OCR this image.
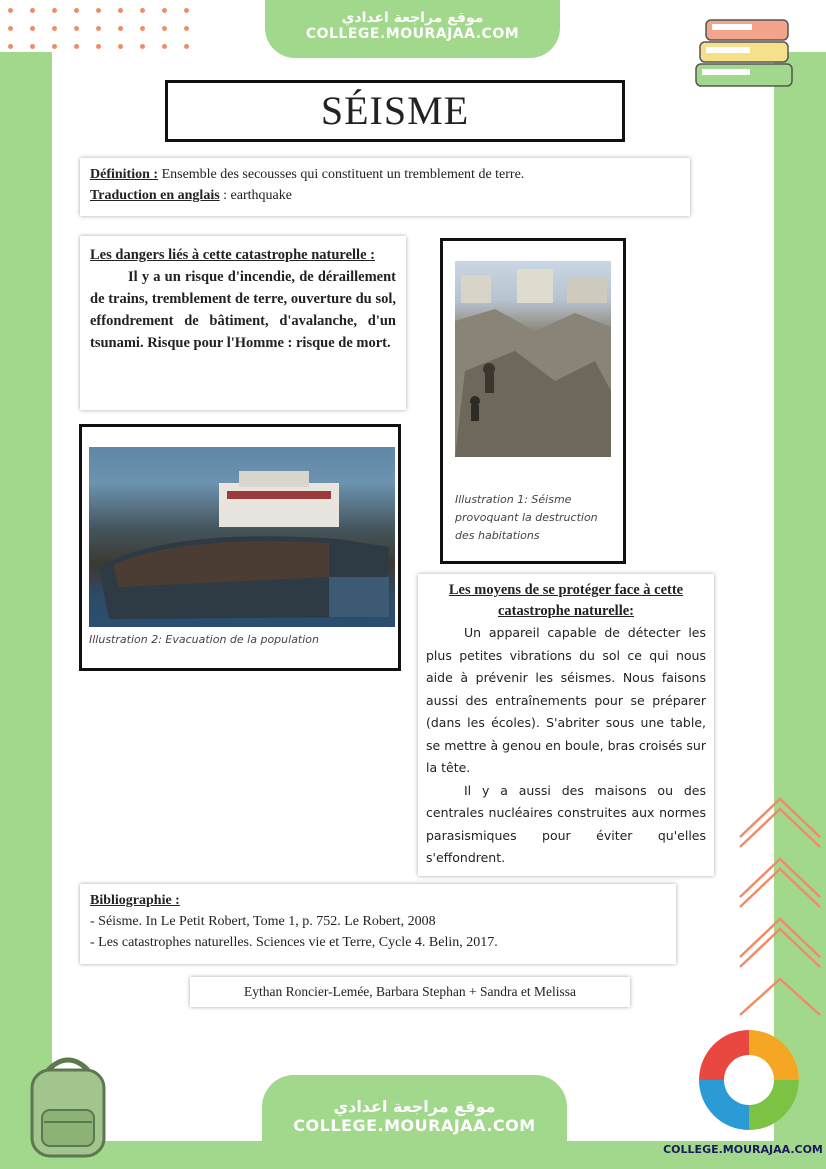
موقع مراجعة اعدادي
COLLEGE.MOURAJAA.COM
SÉISME
Définition : Ensemble des secousses qui constituent un tremblement de terre.
Traduction en anglais : earthquake
Les dangers liés à cette catastrophe naturelle :
Il y a un risque d'incendie, de déraillement de trains, tremblement de terre, ouverture du sol, effondrement de bâtiment, d'avalanche, d'un tsunami. Risque pour l'Homme : risque de mort.
Illustration 1: Séisme provoquant la destruction des habitations
Illustration 2: Evacuation de la population
Les moyens de se protéger face à cette catastrophe naturelle:
Un appareil capable de détecter les plus petites vibrations du sol ce qui nous aide à prévenir les séismes. Nous faisons aussi des entraînements pour se préparer (dans les écoles). S'abriter sous une table, se mettre à genou en boule, bras croisés sur la tête.
Il y a aussi des maisons ou des centrales nucléaires construites aux normes parasismiques pour éviter qu'elles s'effondrent.
Bibliographie :
- Séisme. In Le Petit Robert, Tome 1, p. 752. Le Robert, 2008
- Les catastrophes naturelles. Sciences vie et Terre, Cycle 4. Belin, 2017.
Eythan Roncier-Lemée, Barbara Stephan + Sandra et Melissa
موقع مراجعة اعدادي
COLLEGE.MOURAJAA.COM
COLLEGE.MOURAJAA.COM
